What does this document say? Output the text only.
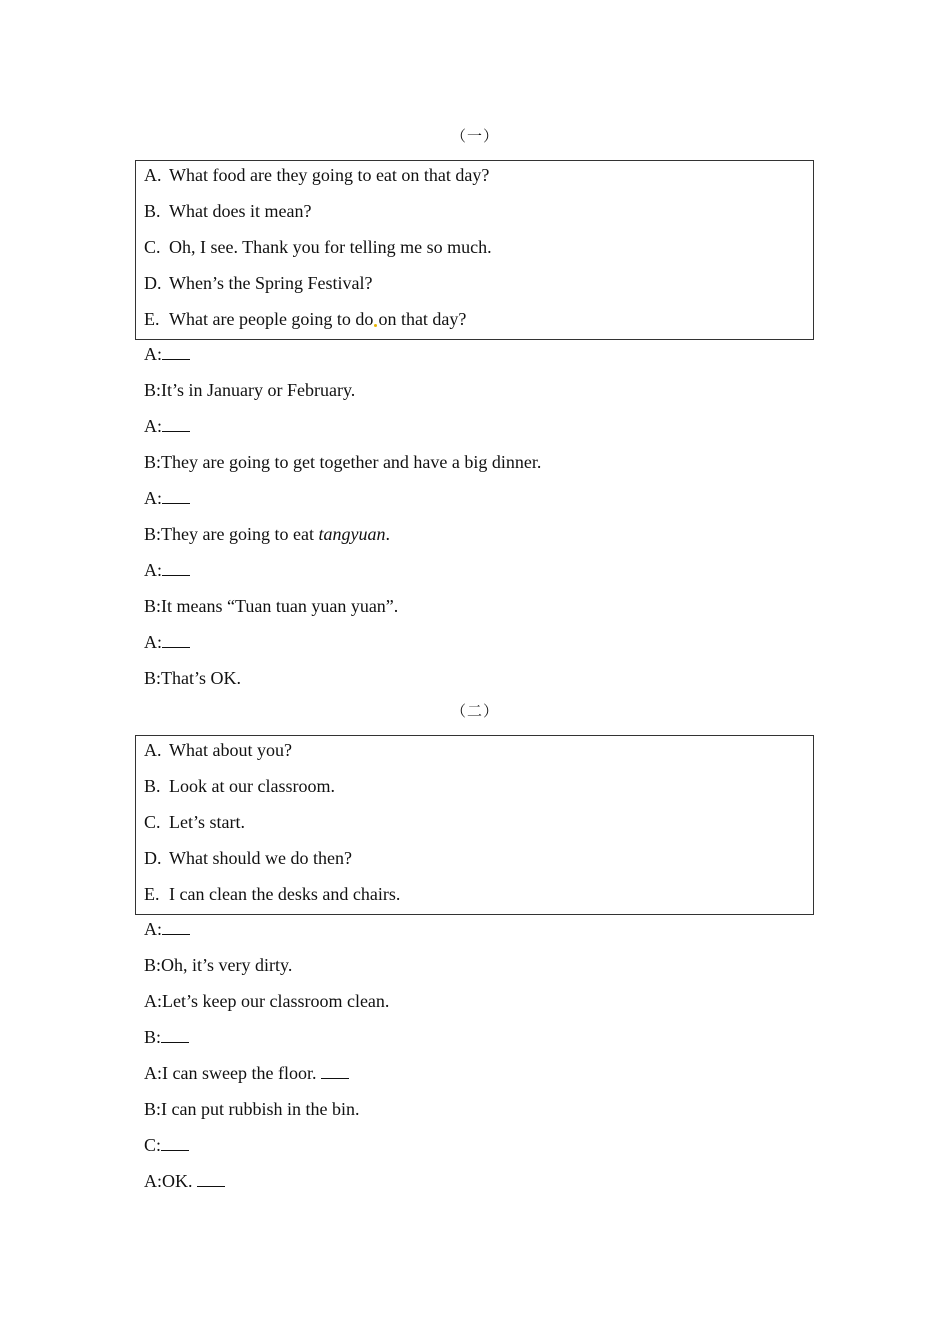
（一）
A. What food are they going to eat on that day?
B. What does it mean?
C. Oh, I see. Thank you for telling me so much.
D. When’s the Spring Festival?
E. What are people going to do on that day?
A:
B:It’s in January or February.
A:
B:They are going to get together and have a big dinner.
A:
B:They are going to eat tangyuan.
A:
B:It means “Tuan tuan yuan yuan”.
A:
B:That’s OK.
（二）
A. What about you?
B. Look at our classroom.
C. Let’s start.
D. What should we do then?
E. I can clean the desks and chairs.
A:
B:Oh, it’s very dirty.
A:Let’s keep our classroom clean.
B:
A:I can sweep the floor.
B:I can put rubbish in the bin.
C:
A:OK.
